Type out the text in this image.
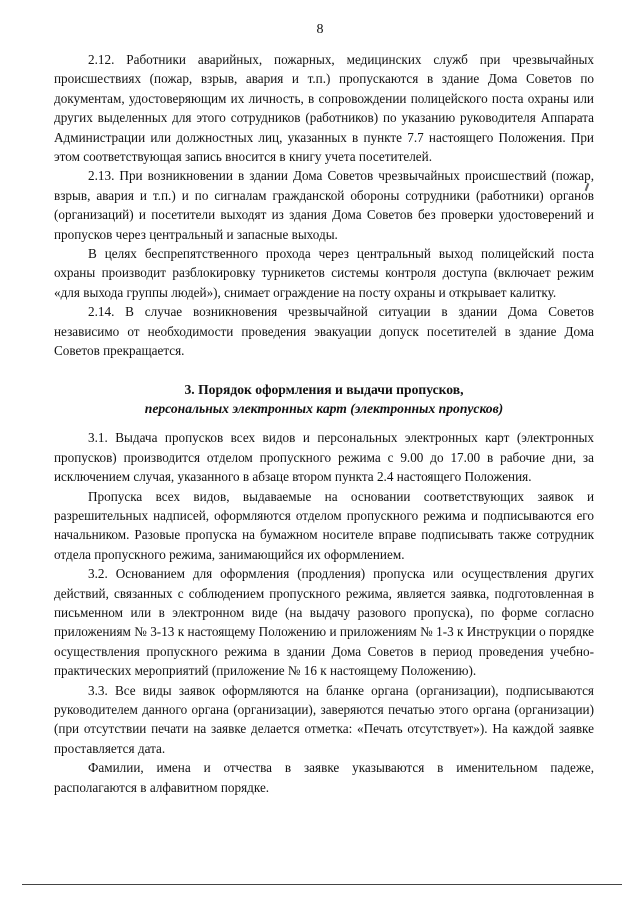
8

2.12. Работники аварийных, пожарных, медицинских служб при чрезвычайных происшествиях (пожар, взрыв, авария и т.п.) пропускаются в здание Дома Советов по документам, удостоверяющим их личность, в сопровождении полицейского поста охраны или других выделенных для этого сотрудников (работников) по указанию руководителя Аппарата Администрации или должностных лиц, указанных в пункте 7.7 настоящего Положения. При этом соответствующая запись вносится в книгу учета посетителей.

2.13. При возникновении в здании Дома Советов чрезвычайных происшествий (пожар, взрыв, авария и т.п.) и по сигналам гражданской обороны сотрудники (работники) органов (организаций) и посетители выходят из здания Дома Советов без проверки удостоверений и пропусков через центральный и запасные выходы.

В целях беспрепятственного прохода через центральный выход полицейский поста охраны производит разблокировку турникетов системы контроля доступа (включает режим «для выхода группы людей»), снимает ограждение на посту охраны и открывает калитку.

2.14. В случае возникновения чрезвычайной ситуации в здании Дома Советов независимо от необходимости проведения эвакуации допуск посетителей в здание Дома Советов прекращается.

3. Порядок оформления и выдачи пропусков,

персональных электронных карт (электронных пропусков)

3.1. Выдача пропусков всех видов и персональных электронных карт (электронных пропусков) производится отделом пропускного режима с 9.00 до 17.00 в рабочие дни, за исключением случая, указанного в абзаце втором пункта 2.4 настоящего Положения.

Пропуска всех видов, выдаваемые на основании соответствующих заявок и разрешительных надписей, оформляются отделом пропускного режима и подписываются его начальником. Разовые пропуска на бумажном носителе вправе подписывать также сотрудник отдела пропускного режима, занимающийся их оформлением.

3.2. Основанием для оформления (продления) пропуска или осуществления других действий, связанных с соблюдением пропускного режима, является заявка, подготовленная в письменном или в электронном виде (на выдачу разового пропуска), по форме согласно приложениям № 3-13 к настоящему Положению и приложениям № 1-3 к Инструкции о порядке осуществления пропускного режима в здании Дома Советов в период проведения учебно-практических мероприятий (приложение № 16 к настоящему Положению).

3.3. Все виды заявок оформляются на бланке органа (организации), подписываются руководителем данного органа (организации), заверяются печатью этого органа (организации) (при отсутствии печати на заявке делается отметка: «Печать отсутствует»). На каждой заявке проставляется дата.

Фамилии, имена и отчества в заявке указываются в именительном падеже, располагаются в алфавитном порядке.
